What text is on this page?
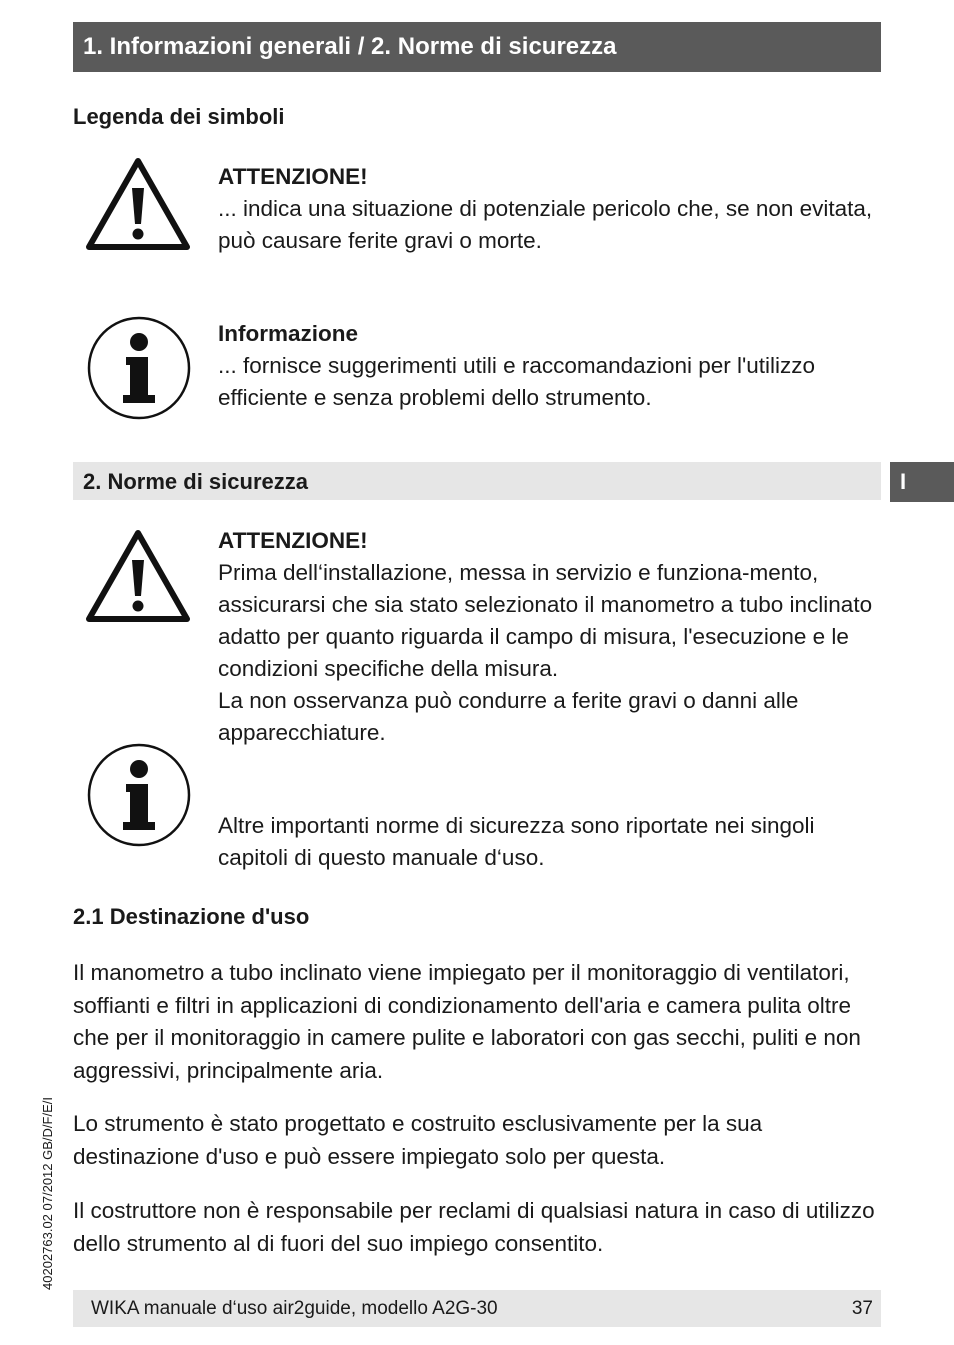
1. Informazioni generali / 2. Norme di sicurezza
Legenda dei simboli
ATTENZIONE!

... indica una situazione di potenziale pericolo che, se non evitata, può causare ferite gravi o morte.

Informazione

... fornisce suggerimenti utili e raccomandazioni per l'utilizzo efficiente e senza problemi dello strumento.

2. Norme di sicurezza	I
ATTENZIONE!

Prima dell‘installazione, messa in servizio e funziona-mento, assicurarsi che sia stato selezionato il manometro a tubo inclinato adatto per quanto riguarda il campo di misura, l'esecuzione e le condizioni specifiche della misura.

La non osservanza può condurre a ferite gravi o danni alle apparecchiature.

Altre importanti norme di sicurezza sono riportate nei singoli capitoli di questo manuale d‘uso.

2.1 Destinazione d'uso

Il manometro a tubo inclinato viene impiegato per il monitoraggio di ventilatori, soffianti e filtri in applicazioni di condizionamento dell'aria e camera pulita oltre che per il monitoraggio in camere pulite e laboratori con gas secchi, puliti e non aggressivi, principalmente aria.

Lo strumento è stato progettato e costruito esclusivamente per la sua destinazione d'uso e può essere impiegato solo per questa.

Il costruttore non è responsabile per reclami di qualsiasi natura in caso di utilizzo dello strumento al di fuori del suo impiego consentito.

40202763.02 07/2012 GB/D/F/E/I
WIKA manuale d‘uso air2guide, modello A2G-30	37
